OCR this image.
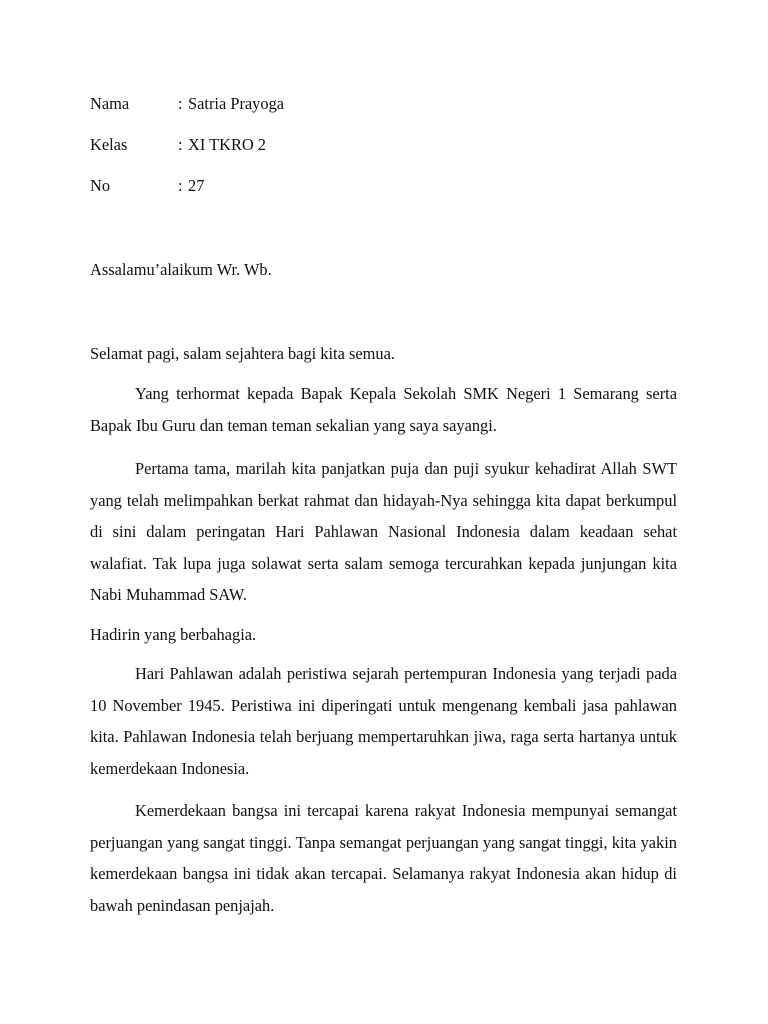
Nama	: Satria Prayoga
Kelas	: XI TKRO 2
No	: 27
Assalamu’alaikum Wr. Wb.
Selamat pagi, salam sejahtera bagi kita semua.

Yang terhormat kepada Bapak Kepala Sekolah SMK Negeri 1 Semarang serta Bapak Ibu Guru dan teman teman sekalian yang saya sayangi.

Pertama tama, marilah kita panjatkan puja dan puji syukur kehadirat Allah SWT yang telah melimpahkan berkat rahmat dan hidayah-Nya sehingga kita dapat berkumpul di sini dalam peringatan Hari Pahlawan Nasional Indonesia dalam keadaan sehat walafiat. Tak lupa juga solawat serta salam semoga tercurahkan kepada junjungan kita Nabi Muhammad SAW.

Hadirin yang berbahagia.

Hari Pahlawan adalah peristiwa sejarah pertempuran Indonesia yang terjadi pada 10 November 1945. Peristiwa ini diperingati untuk mengenang kembali jasa pahlawan kita. Pahlawan Indonesia telah berjuang mempertaruhkan jiwa, raga serta hartanya untuk kemerdekaan Indonesia.

Kemerdekaan bangsa ini tercapai karena rakyat Indonesia mempunyai semangat perjuangan yang sangat tinggi. Tanpa semangat perjuangan yang sangat tinggi, kita yakin kemerdekaan bangsa ini tidak akan tercapai. Selamanya rakyat Indonesia akan hidup di bawah penindasan penjajah.
